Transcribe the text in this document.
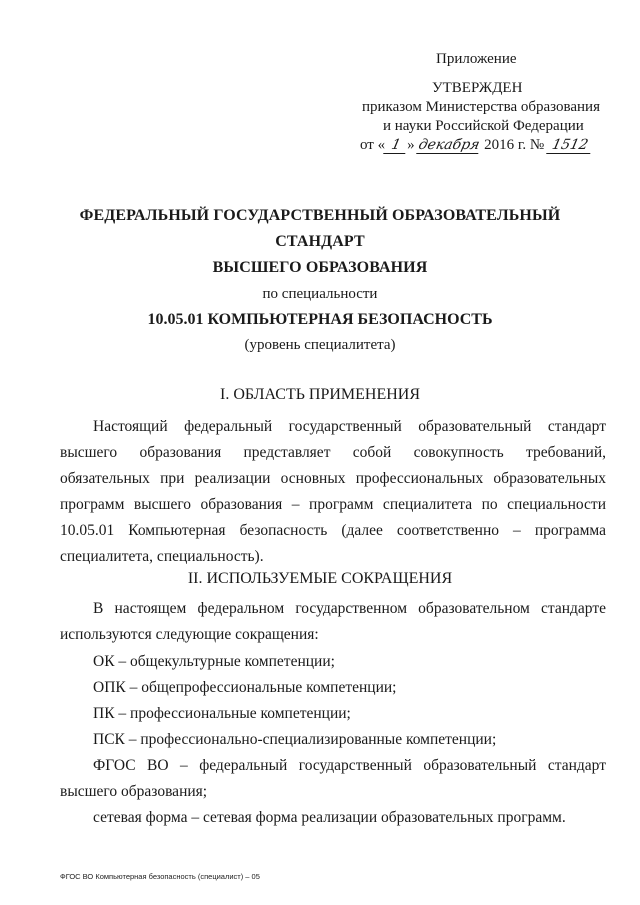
Приложение
УТВЕРЖДЕН
приказом Министерства образования
и науки Российской Федерации
от « 1 » декабря 2016 г. № 1512
ФЕДЕРАЛЬНЫЙ ГОСУДАРСТВЕННЫЙ ОБРАЗОВАТЕЛЬНЫЙ СТАНДАРТ
ВЫСШЕГО ОБРАЗОВАНИЯ
по специальности
10.05.01 КОМПЬЮТЕРНАЯ БЕЗОПАСНОСТЬ
(уровень специалитета)
I. ОБЛАСТЬ ПРИМЕНЕНИЯ
Настоящий федеральный государственный образовательный стандарт высшего образования представляет собой совокупность требований, обязательных при реализации основных профессиональных образовательных программ высшего образования – программ специалитета по специальности 10.05.01 Компьютерная безопасность (далее соответственно – программа специалитета, специальность).
II. ИСПОЛЬЗУЕМЫЕ СОКРАЩЕНИЯ
В настоящем федеральном государственном образовательном стандарте используются следующие сокращения:
ОК – общекультурные компетенции;
ОПК – общепрофессиональные компетенции;
ПК – профессиональные компетенции;
ПСК – профессионально-специализированные компетенции;
ФГОС ВО – федеральный государственный образовательный стандарт высшего образования;
сетевая форма – сетевая форма реализации образовательных программ.
ФГОС ВО Компьютерная безопасность (специалист) – 05
